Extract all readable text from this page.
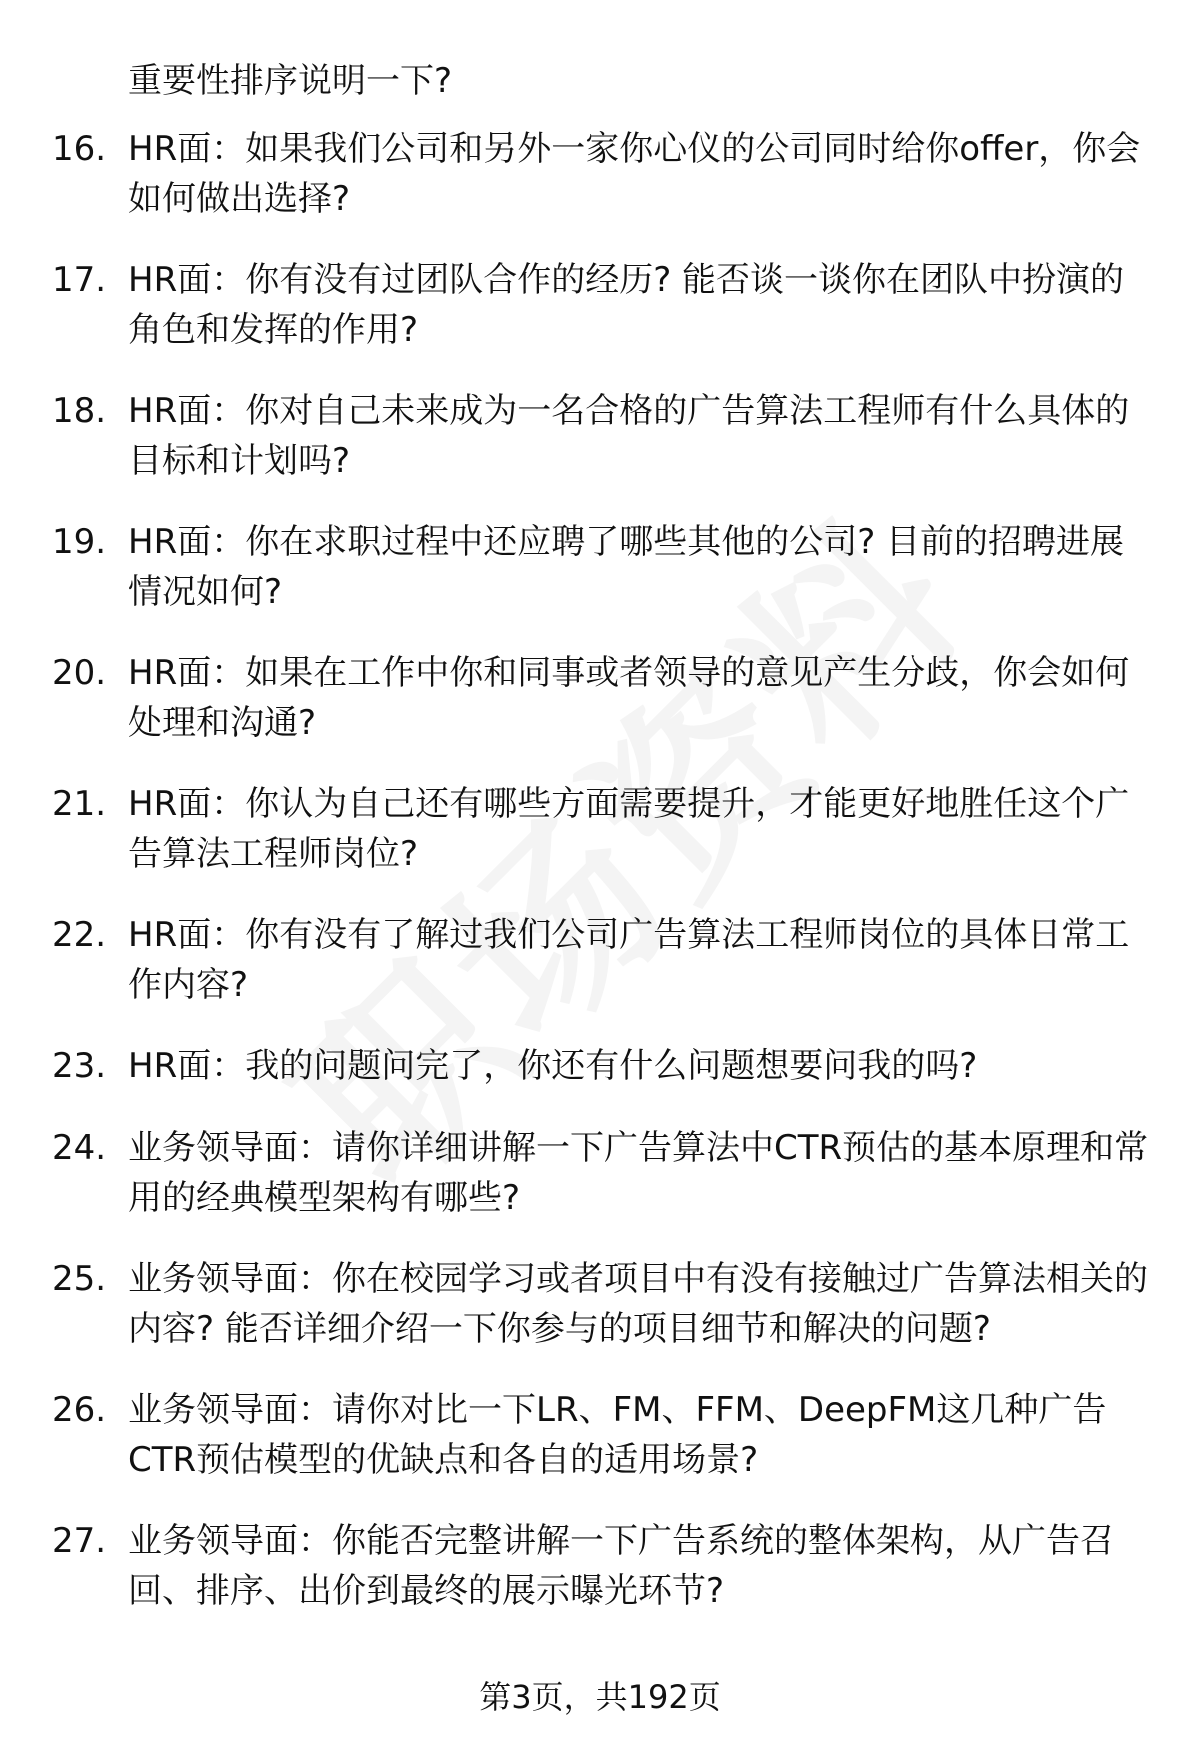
重要性排序说明一下?
16. HR面：如果我们公司和另外一家你心仪的公司同时给你offer，你会如何做出选择?
17. HR面：你有没有过团队合作的经历? 能否谈一谈你在团队中扮演的角色和发挥的作用?
18. HR面：你对自己未来成为一名合格的广告算法工程师有什么具体的目标和计划吗?
19. HR面：你在求职过程中还应聘了哪些其他的公司? 目前的招聘进展情况如何?
20. HR面：如果在工作中你和同事或者领导的意见产生分歧，你会如何处理和沟通?
21. HR面：你认为自己还有哪些方面需要提升，才能更好地胜任这个广告算法工程师岗位?
22. HR面：你有没有了解过我们公司广告算法工程师岗位的具体日常工作内容?
23. HR面：我的问题问完了，你还有什么问题想要问我的吗?
24. 业务领导面：请你详细讲解一下广告算法中CTR预估的基本原理和常用的经典模型架构有哪些?
25. 业务领导面：你在校园学习或者项目中有没有接触过广告算法相关的内容? 能否详细介绍一下你参与的项目细节和解决的问题?
26. 业务领导面：请你对比一下LR、FM、FFM、DeepFM这几种广告CTR预估模型的优缺点和各自的适用场景?
27. 业务领导面：你能否完整讲解一下广告系统的整体架构，从广告召回、排序、出价到最终的展示曝光环节?
第3页，共192页
